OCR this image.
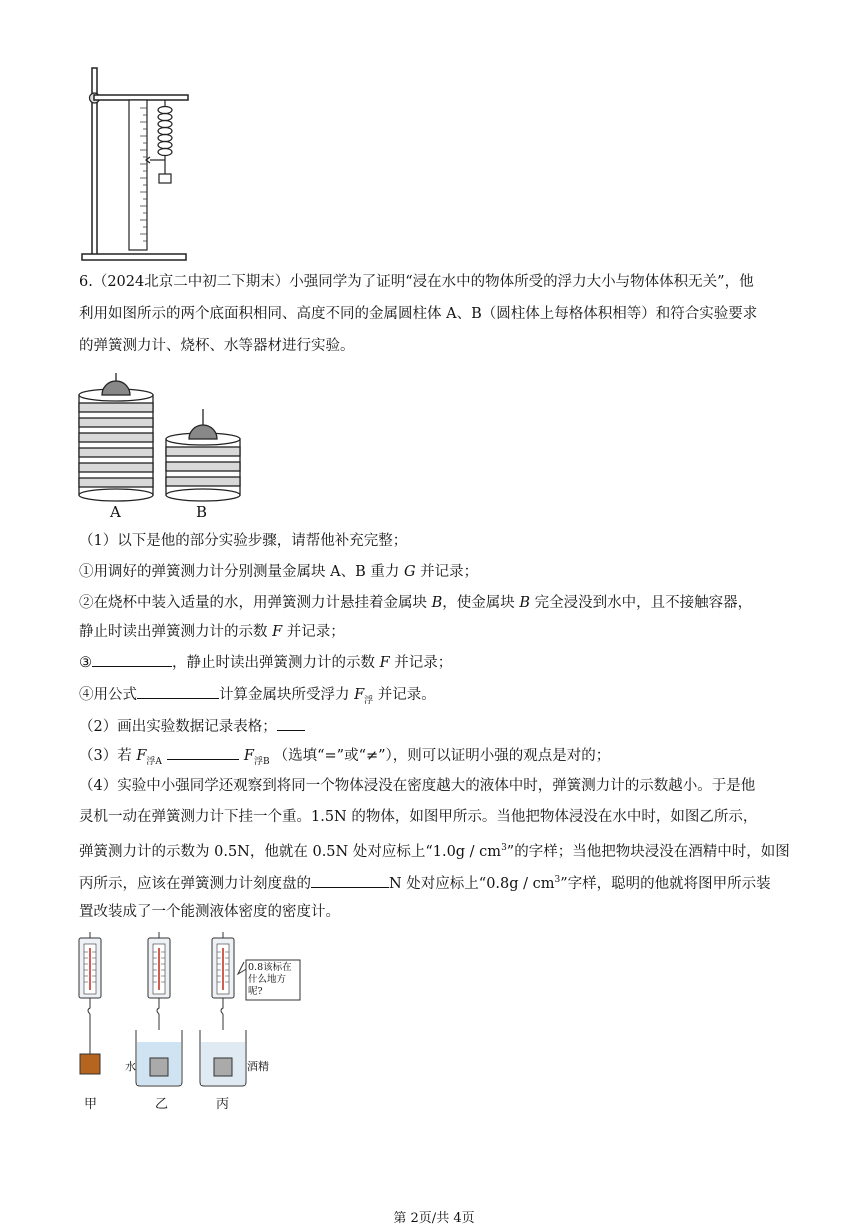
6.（2024北京二中初二下期末）小强同学为了证明“浸在水中的物体所受的浮力大小与物体体积无关”，他
利用如图所示的两个底面积相同、高度不同的金属圆柱体 A、B（圆柱体上每格体积相等）和符合实验要求
的弹簧测力计、烧杯、水等器材进行实验。
A	B
（1）以下是他的部分实验步骤，请帮他补充完整；
①用调好的弹簧测力计分别测量金属块 A、B 重力 G 并记录；
②在烧杯中装入适量的水，用弹簧测力计悬挂着金属块 B，使金属块 B 完全浸没到水中，且不接触容器，
静止时读出弹簧测力计的示数 F 并记录；
③	，静止时读出弹簧测力计的示数 F 并记录；
④用公式	计算金属块所受浮力 $F_浮$ 并记录。
（2）画出实验数据记录表格；
（3）若 $F_{浮A}$	$F_{浮B}$ （选填“=”或“≠”），则可以证明小强的观点是对的；
（4）实验中小强同学还观察到将同一个物体浸没在密度越大的液体中时，弹簧测力计的示数越小。于是他
灵机一动在弹簧测力计下挂一个重。1.5N 的物体，如图甲所示。当他把物体浸没在水中时，如图乙所示，
弹簧测力计的示数为 0.5N，他就在 0.5N 处对应标上“$1.0g / cm^3$”的字样；当他把物块浸没在酒精中时，如图
丙所示，应该在弹簧测力计刻度盘的	N 处对应标上“$0.8g / cm^3$”字样，聪明的他就将图甲所示装
置改装成了一个能测液体密度的密度计。
0.8该标在什么地方呢?
水	酒精
甲	乙	丙
第 2页/共 4页
